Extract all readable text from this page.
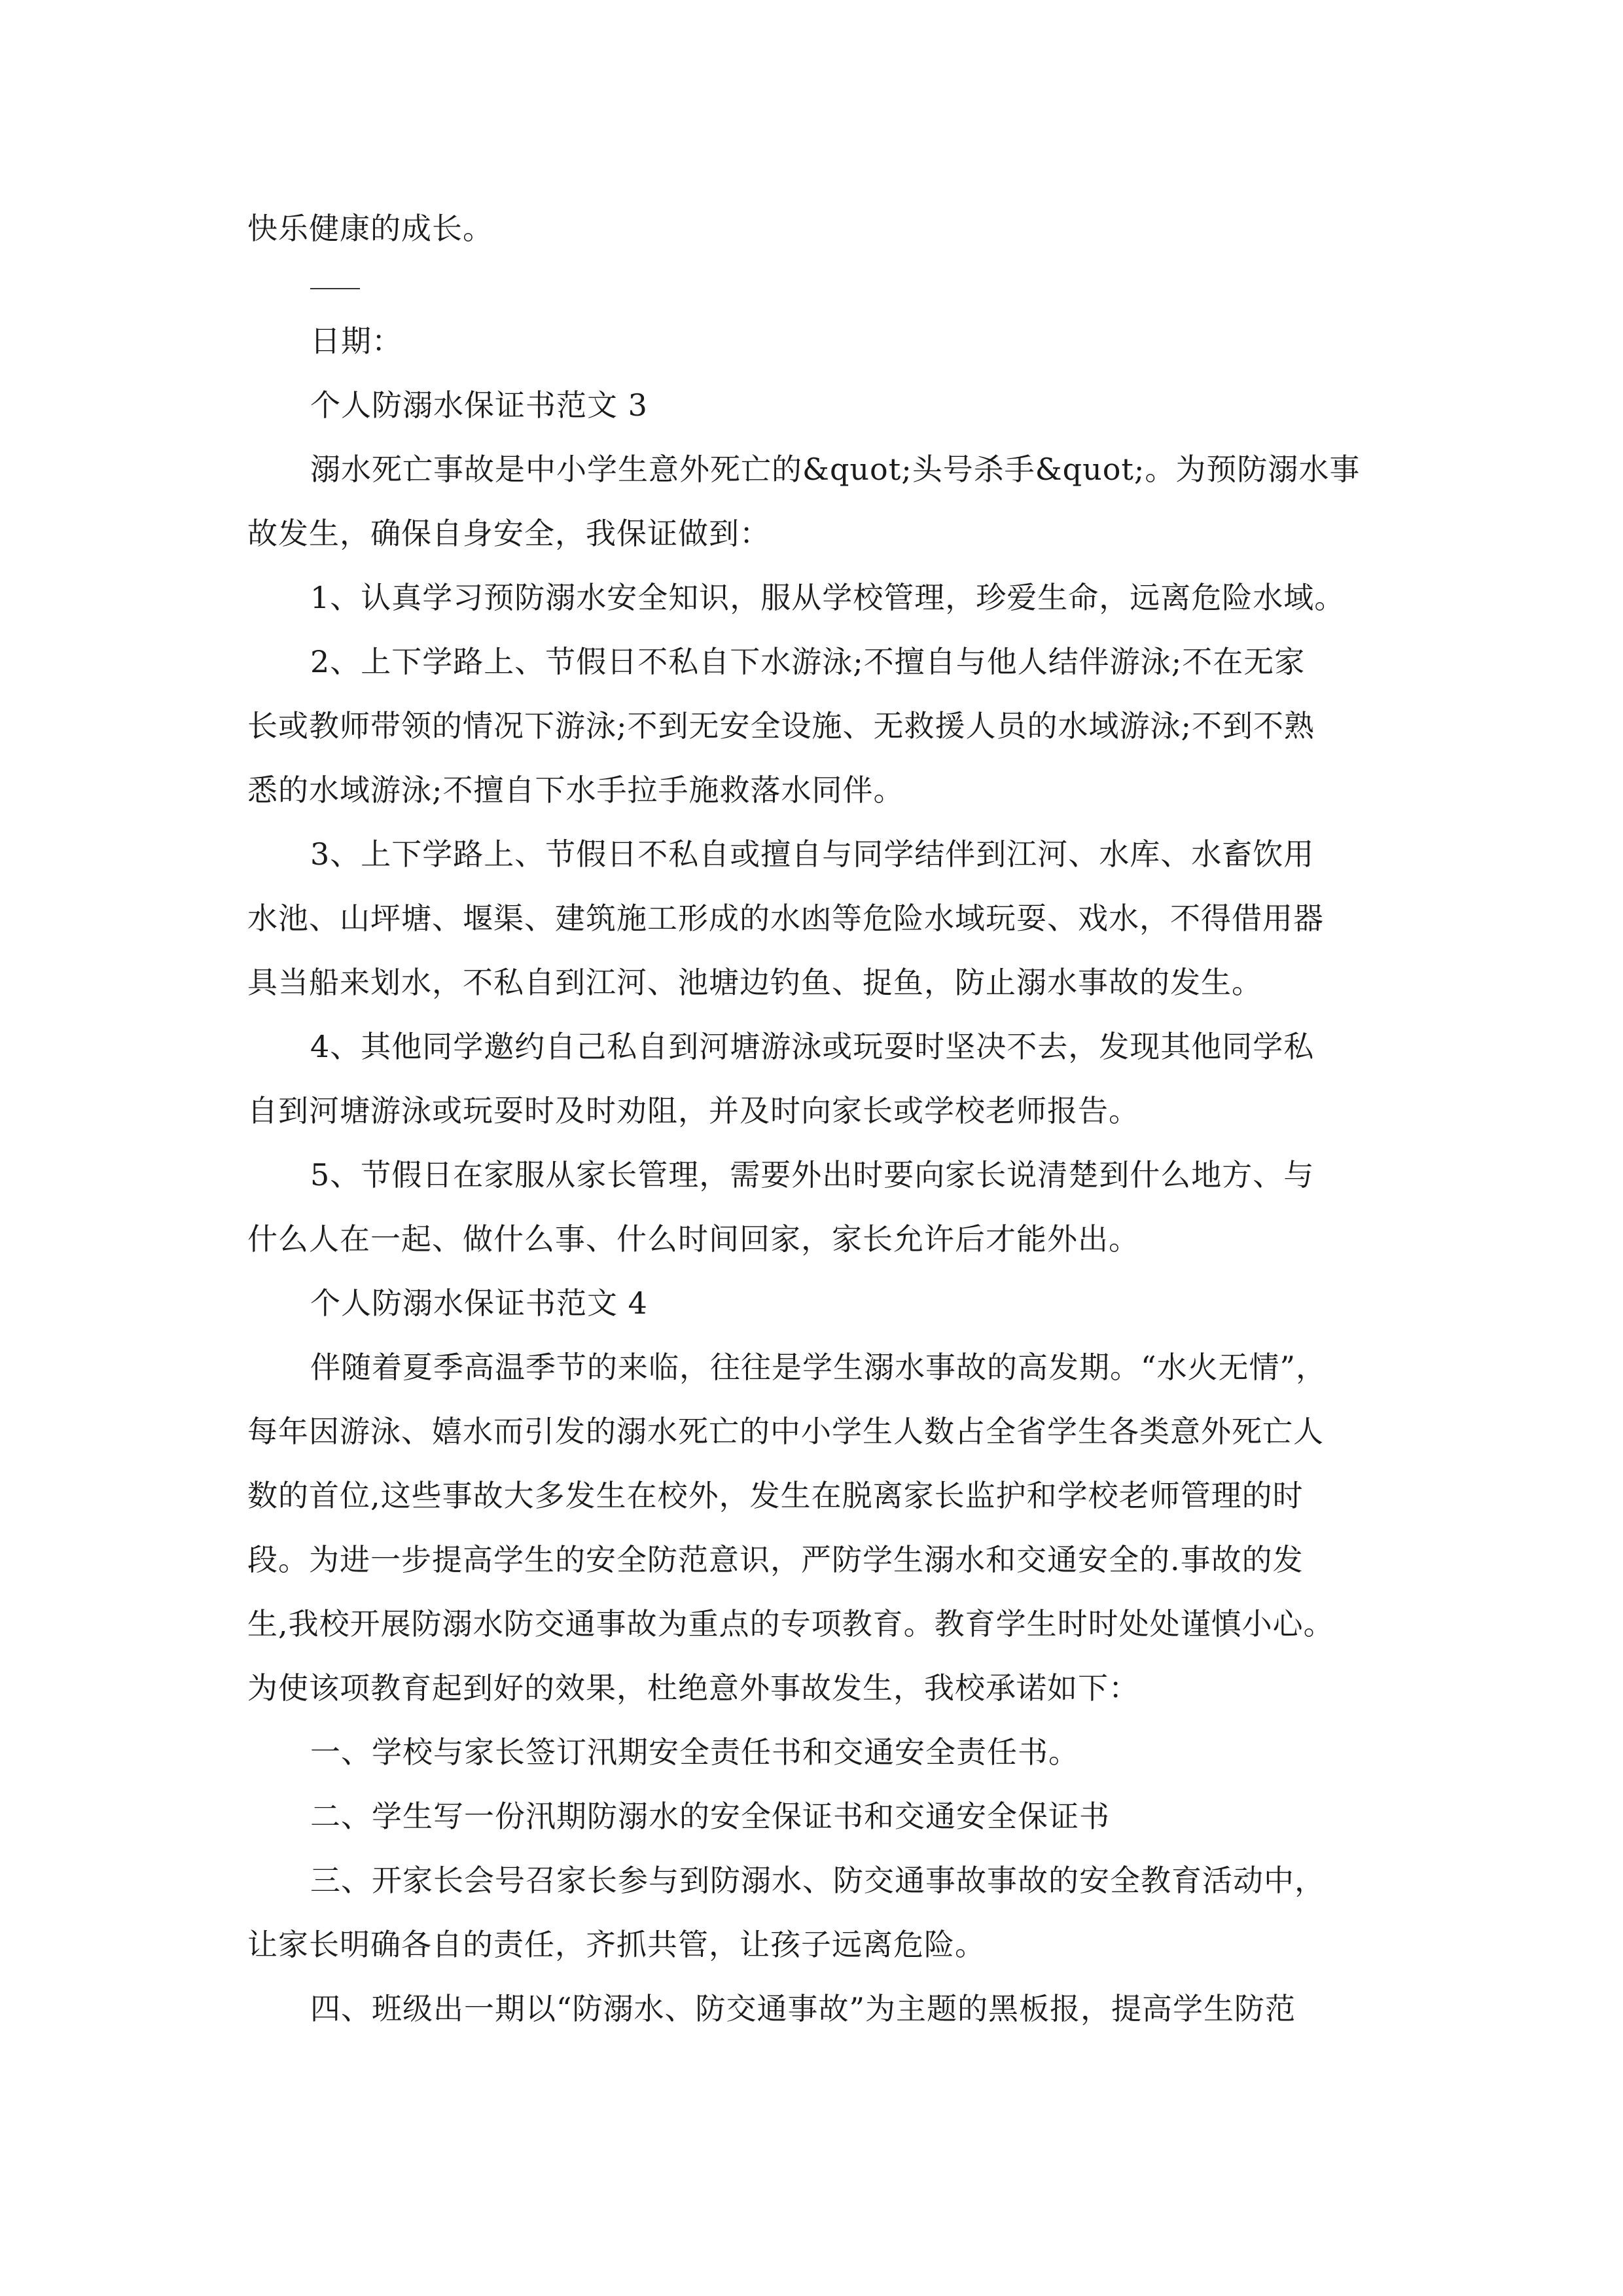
快乐健康的成长。
日期：
个人防溺水保证书范文 3
溺水死亡事故是中小学生意外死亡的&quot;头号杀手&quot;。为预防溺水事
故发生，确保自身安全，我保证做到：
1、认真学习预防溺水安全知识，服从学校管理，珍爱生命，远离危险水域。
2、上下学路上、节假日不私自下水游泳;不擅自与他人结伴游泳;不在无家
长或教师带领的情况下游泳;不到无安全设施、无救援人员的水域游泳;不到不熟
悉的水域游泳;不擅自下水手拉手施救落水同伴。
3、上下学路上、节假日不私自或擅自与同学结伴到江河、水库、水畜饮用
水池、山坪塘、堰渠、建筑施工形成的水凼等危险水域玩耍、戏水，不得借用器
具当船来划水，不私自到江河、池塘边钓鱼、捉鱼，防止溺水事故的发生。
4、其他同学邀约自己私自到河塘游泳或玩耍时坚决不去，发现其他同学私
自到河塘游泳或玩耍时及时劝阻，并及时向家长或学校老师报告。
5、节假日在家服从家长管理，需要外出时要向家长说清楚到什么地方、与
什么人在一起、做什么事、什么时间回家，家长允许后才能外出。
个人防溺水保证书范文 4
伴随着夏季高温季节的来临，往往是学生溺水事故的高发期。“水火无情”，
每年因游泳、嬉水而引发的溺水死亡的中小学生人数占全省学生各类意外死亡人
数的首位,这些事故大多发生在校外，发生在脱离家长监护和学校老师管理的时
段。为进一步提高学生的安全防范意识，严防学生溺水和交通安全的.事故的发
生,我校开展防溺水防交通事故为重点的专项教育。教育学生时时处处谨慎小心。
为使该项教育起到好的效果，杜绝意外事故发生，我校承诺如下：
一、学校与家长签订汛期安全责任书和交通安全责任书。
二、学生写一份汛期防溺水的安全保证书和交通安全保证书
三、开家长会号召家长参与到防溺水、防交通事故事故的安全教育活动中，
让家长明确各自的责任，齐抓共管，让孩子远离危险。
四、班级出一期以“防溺水、防交通事故”为主题的黑板报，提高学生防范
